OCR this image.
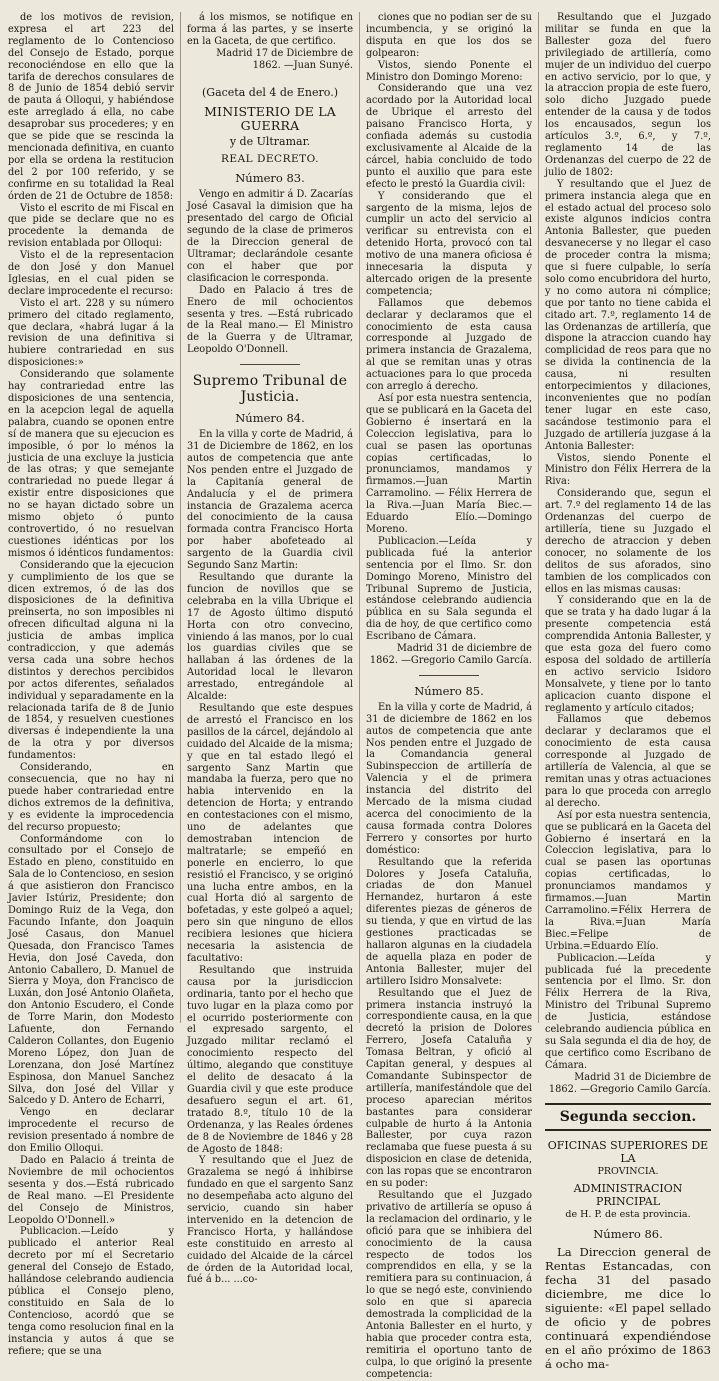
de los motivos de revision, expresa el art 223 del reglamento de lo Contencioso del Consejo de Estado, porque reconociéndose en ello que la tarifa de derechos consulares de 8 de Junio de 1854 debió servir de pauta á Olloqui, y habiéndose este arreglado á ella, no cabe desaprobar sus procederes; y en que se pide que se rescinda la mencionada definitiva, en cuanto por ella se ordena la restitucion del 2 por 100 referido, y se confirme en su totalidad la Real órden de 21 de Octubre de 1858:

Visto el escrito de mi Fiscal en que pide se declare que no es procedente la demanda de revision entablada por Olloqui:

Visto el de la representacion de don José y don Manuel Iglesias, en el cual piden se declare improcedente el recurso:

Visto el art. 228 y su número primero del citado reglamento, que declara, «habrá lugar á la revision de una definitiva si hubiere contrariedad en sus disposiciones:»

Considerando que solamente hay contrariedad entre las disposiciones de una sentencia, en la acepcion legal de aquella palabra, cuando se oponen entre sí de manera que su ejecucion es imposible, ó por lo ménos la justicia de una excluye la justicia de las otras; y que semejante contrariedad no puede llegar á existir entre disposiciones que no se hayan dictado sobre un mismo objeto ó punto controvertido, ó no resuelvan cuestiones idénticas por los mismos ó idénticos fundamentos:

Considerando que la ejecucion y cumplimiento de los que se dicen extremos, ó de las dos disposiciones de la definitiva preinserta, no son imposibles ni ofrecen dificultad alguna ni la justicia de ambas implica contradiccion, y que además versa cada una sobre hechos distintos y derechos percibidos por actos diferentes, señalados individual y separadamente en la relacionada tarifa de 8 de Junio de 1854, y resuelven cuestiones diversas é independiente la una de la otra y por diversos fundamentos:

Considerando, en consecuencia, que no hay ni puede haber contrariedad entre dichos extremos de la definitiva, y es evidente la improcedencia del recurso propuesto;

Conformándome con lo consultado por el Consejo de Estado en pleno, constituido en Sala de lo Contencioso, en sesion á que asistieron don Francisco Javier Istúriz, Presidente; don Domingo Ruiz de la Vega, don Facundo Infante, don Joaquin José Casaus, don Manuel Quesada, don Francisco Tames Hevia, don José Caveda, don Antonio Caballero, D. Manuel de Sierra y Moya, don Francisco de Luxán, don José Antonio Olañeta, don Antonio Escudero, el Conde de Torre Marin, don Modesto Lafuente, don Fernando Calderon Collantes, don Eugenio Moreno López, don Juan de Lorenzana, don José Martínez Espinosa, don Manuel Sanchez Silva, don José del Villar y Salcedo y D. Antero de Echarri,

Vengo en declarar improcedente el recurso de revision presentado á nombre de don Emilio Olloqui.

Dado en Palacio á treinta de Noviembre de mil ochocientos sesenta y dos.—Está rubricado de Real mano. —El Presidente del Consejo de Ministros, Leopoldo O'Donnell.»

Publicacion.—Leído y publicado el anterior Real decreto por mí el Secretario general del Consejo de Estado, hallándose celebrando audiencia pública el Consejo pleno, constituido en Sala de lo Contencioso, acordó que se tenga como resolucion final en la instancia y autos á que se refiere; que se una

á los mismos, se notifique en forma á las partes, y se inserte en la Gaceta, de que certifico.

Madrid 17 de Diciembre de 1862. —Juan Sunyé.

(Gaceta del 4 de Enero.)
MINISTERIO DE LA GUERRA
y de Ultramar.
REAL DECRETO.
Número 83.

Vengo en admitir á D. Zacarías José Casaval la dimision que ha presentado del cargo de Oficial segundo de la clase de primeros de la Direccion general de Ultramar; declarándole cesante con el haber que por clasificacion le corresponda.

Dado en Palacio á tres de Enero de mil ochocientos sesenta y tres. —Está rubricado de la Real mano.— El Ministro de la Guerra y de Ultramar, Leopoldo O'Donnell.

Supremo Tribunal de Justicia.
Número 84.

En la villa y corte de Madrid, á 31 de Diciembre de 1862, en los autos de competencia que ante Nos penden entre el Juzgado de la Capitanía general de Andalucía y el de primera instancia de Grazalema acerca del conocimiento de la causa formada contra Francisco Horta por haber abofeteado al sargento de la Guardia civil Segundo Sanz Martin:

Resultando que durante la funcion de novillos que se celebraba en la villa Ubrique el 17 de Agosto último disputó Horta con otro convecino, viniendo á las manos, por lo cual los guardias civiles que se hallaban á las órdenes de la Autoridad local le llevaron arrestado, entregándole al Alcalde:

Resultando que este despues de arrestó el Francisco en los pasillos de la cárcel, dejándolo al cuidado del Alcaide de la misma; y que en tal estado llegó el sargento Sanz Martin que mandaba la fuerza, pero que no habia intervenido en la detencion de Horta; y entrando en contestaciones con el mismo, uno de adelantes que demostraban intencion de maltratarle; se empeñó en ponerle en encierro, lo que resistió el Francisco, y se originó una lucha entre ambos, en la cual Horta dió al sargento de bofetadas, y este golpeó a aquel; pero sin que ninguno de ellos recibiera lesiones que hiciera necesaria la asistencia de facultativo:

Resultando que instruida causa por la jurisdiccion ordinaria, tanto por el hecho que tuvo lugar en la plaza como por el ocurrido posteriormente con el expresado sargento, el Juzgado militar reclamó el conocimiento respecto del último, alegando que constituye el delito de desacato á la Guardia civil y que este produce desafuero segun el art. 61, tratado 8.º, título 10 de la Ordenanza, y las Reales órdenes de 8 de Noviembre de 1846 y 28 de Agosto de 1848:

Y resultando que el Juez de Grazalema se negó á inhibirse fundado en que el sargento Sanz no desempeñaba acto alguno del servicio, cuando sin haber intervenido en la detencion de Francisco Horta, y hallándose este constituido en arresto al cuidado del Alcaide de la cárcel de órden de la Autoridad local, fué á b... ...co-

ciones que no podian ser de su incumbencia, y se originó la disputa en que los dos se golpearon:

Vistos, siendo Ponente el Ministro don Domingo Moreno:

Considerando que una vez acordado por la Autoridad local de Ubrique el arresto del paisano Francisco Horta, y confiada además su custodia exclusivamente al Alcaide de la cárcel, habia concluido de todo punto el auxilio que para este efecto le prestó la Guardia civil:

Y considerando que el sargento de la misma, lejos de cumplir un acto del servicio al verificar su entrevista con el detenido Horta, provocó con tal motivo de una manera oficiosa é innecesaria la disputa y altercado origen de la presente competencia;

Fallamos que debemos declarar y declaramos que el conocimiento de esta causa corresponde al Juzgado de primera instancia de Grazalema, al que se remitan unas y otras actuaciones para lo que proceda con arreglo á derecho.

Así por esta nuestra sentencia, que se publicará en la Gaceta del Gobierno é insertará en la Coleccion legislativa, para lo cual se pasen las oportunas copias certificadas, lo pronunciamos, mandamos y firmamos.—Juan Martin Carramolino. — Félix Herrera de la Riva.—Juan María Biec.—Eduardo Elío.—Domingo Moreno.

Publicacion.—Leída y publicada fué la anterior sentencia por el Ilmo. Sr. don Domingo Moreno, Ministro del Tribunal Supremo de Justicia, estándose celebrando audiencia pública en su Sala segunda el dia de hoy, de que certifico como Escribano de Cámara.

Madrid 31 de diciembre de 1862. —Gregorio Camilo García.

Número 85.

En la villa y corte de Madrid, á 31 de diciembre de 1862 en los autos de competencia que ante Nos penden entre el Juzgado de la Comandancia general Subinspeccion de artillería de Valencia y el de primera instancia del distrito del Mercado de la misma ciudad acerca del conocimiento de la causa formada contra Dolores Ferrero y consortes por hurto doméstico:

Resultando que la referida Dolores y Josefa Cataluña, criadas de don Manuel Hernandez, hurtaron á este diferentes piezas de géneros de su tienda, y que en virtud de las gestiones practicadas se hallaron algunas en la ciudadela de aquella plaza en poder de Antonia Ballester, mujer del artillero Isidro Monsalvete:

Resultando que el Juez de primera instancia instruyó la correspondiente causa, en la que decretó la prision de Dolores Ferrero, Josefa Cataluña y Tomasa Beltran, y ofició al Capitan general, y despues al Comandante Subinspector de artillería, manifestándole que del proceso aparecian méritos bastantes para considerar culpable de hurto á la Antonia Ballester, por cuya razon reclamaba que fuese puesta á su disposicion en clase de detenida, con las ropas que se encontraron en su poder:

Resultando que el Juzgado privativo de artillería se opuso á la reclamacion del ordinario, y le ofició para que se inhibiera del conocimiento de la causa respecto de todos los comprendidos en ella, y se la remitiera para su continuacion, á lo que se negó este, conviniendo solo en que si aparecia demostrada la complicidad de la Antonia Ballester en el hurto, y habia que proceder contra esta, remitiria el oportuno tanto de culpa, lo que originó la presente competencia:

Resultando que el Juzgado militar se funda en que la Ballester goza del fuero privilegiado de artillería, como mujer de un individuo del cuerpo en activo servicio, por lo que, y la atraccion propia de este fuero, solo dicho Juzgado puede entender de la causa y de todos los encausados, segun los artículos 3.º, 6.º, y 7.º, reglamento 14 de las Ordenanzas del cuerpo de 22 de julio de 1802:

Y resultando que el Juez de primera instancia alega que en el estado actual del proceso solo existe algunos indicios contra Antonia Ballester, que pueden desvanecerse y no llegar el caso de proceder contra la misma; que si fuere culpable, lo sería solo como encubridora del hurto, y no como autora ni cómplice; que por tanto no tiene cabida el citado art. 7.º, reglamento 14 de las Ordenanzas de artillería, que dispone la atraccion cuando hay complicidad de reos para que no se divida la continencia de la causa, ni resulten entorpecimientos y dilaciones, inconvenientes que no podían tener lugar en este caso, sacándose testimonio para el Juzgado de artillería juzgase á la Antonia Ballester:

Vistos, siendo Ponente el Ministro don Félix Herrera de la Riva:

Considerando que, segun el art. 7.º del reglamento 14 de las Ordenanzas del cuerpo de artillería, tiene su Juzgado el derecho de atraccion y deben conocer, no solamente de los delitos de sus aforados, sino tambien de los complicados con ellos en las mismas causas:

Y considerando que en la de que se trata y ha dado lugar á la presente competencia está comprendida Antonia Ballester, y que esta goza del fuero como esposa del soldado de artillería en activo servicio Isidoro Monsalvete, y tiene por lo tanto aplicacion cuanto dispone el reglamento y artículo citados;

Fallamos que debemos declarar y declaramos que el conocimiento de esta causa corresponde al Juzgado de artillería de Valencia, al que se remitan unas y otras actuaciones para lo que proceda con arreglo al derecho.

Así por esta nuestra sentencia, que se publicará en la Gaceta del Gobierno é insertará en la Coleccion legislativa, para lo cual se pasen las oportunas copias certificadas, lo pronunciamos mandamos y firmamos.—Juan Martin Carramolino.=Félix Herrera de la Riva.=Juan María Biec.=Felipe de Urbina.=Eduardo Elío.

Publicacion.—Leída y publicada fué la precedente sentencia por el Ilmo. Sr. don Félix Herrera de la Riva, Ministro del Tribunal Supremo de Justicia, estándose celebrando audiencia pública en su Sala segunda el dia de hoy, de que certifico como Escribano de Cámara.

Madrid 31 de Diciembre de 1862. —Gregorio Camilo García.

Segunda seccion.
OFICINAS SUPERIORES DE LA
PROVINCIA.
ADMINISTRACION PRINCIPAL
de H. P. de esta provincia.
Número 86.

La Direccion general de Rentas Estancadas, con fecha 31 del pasado diciembre, me dice lo siguiente: «El papel sellado de oficio y de pobres continuará expendiéndose en el año próximo de 1863 á ocho ma-
